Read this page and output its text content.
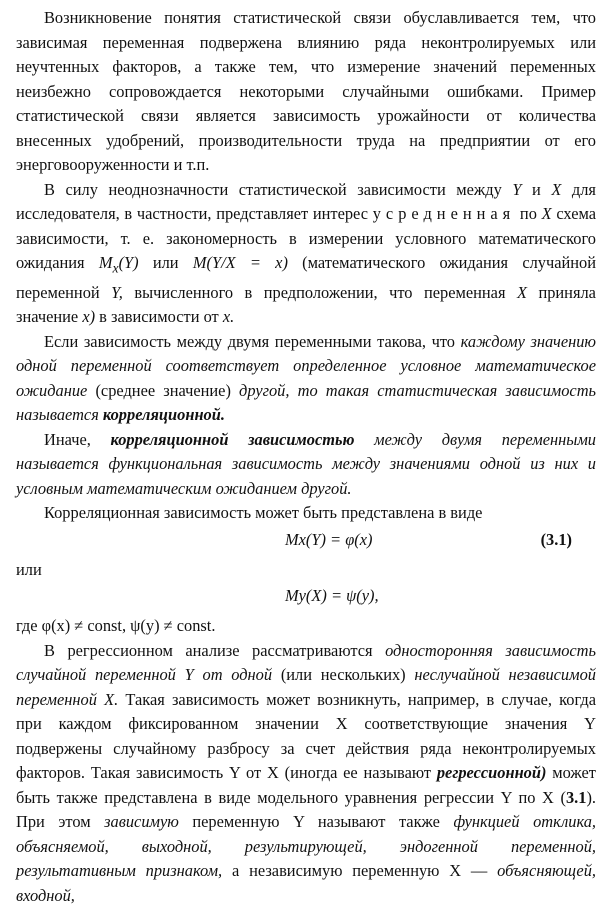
Возникновение понятия статистической связи обуславливается тем, что зависимая переменная подвержена влиянию ряда неконтролируемых или неучтенных факторов, а также тем, что измерение значений переменных неизбежно сопровождается некоторыми случайными ошибками. Пример статистической связи является зависимость урожайности от количества внесенных удобрений, производительности труда на предприятии от его энерговооруженности и т.п.

В силу неоднозначности статистической зависимости между Y и X для исследователя, в частности, представляет интерес усредненная по X схема зависимости, т. е. закономерность в измерении условного математического ожидания $M_x(Y)$ или M(Y/X = x) (математического ожидания случайной переменной Y, вычисленного в предположении, что переменная X приняла значение x) в зависимости от x.

Если зависимость между двумя переменными такова, что каждому значению одной переменной соответствует определенное условное математическое ожидание (среднее значение) другой, то такая статистическая зависимость называется корреляционной.

Иначе, корреляционной зависимостью между двумя переменными называется функциональная зависимость между значениями одной из них и условным математическим ожиданием другой.

Корреляционная зависимость может быть представлена в виде

Mx(Y) = φ(x)	(3.1)

или

My(X) = ψ(y),

где φ(x) ≠ const, ψ(y) ≠ const.

В регрессионном анализе рассматриваются односторонняя зависимость случайной переменной Y от одной (или нескольких) неслучайной независимой переменной X. Такая зависимость может возникнуть, например, в случае, когда при каждом фиксированном значении X соответствующие значения Y подвержены случайному разбросу за счет действия ряда неконтролируемых факторов. Такая зависимость Y от X (иногда ее называют регрессионной) может быть также представлена в виде модельного уравнения регрессии Y по X (3.1). При этом зависимую переменную Y называют также функцией отклика, объясняемой, выходной, результирующей, эндогенной переменной, результативным признаком, а независимую переменную X — объясняющей, входной,
